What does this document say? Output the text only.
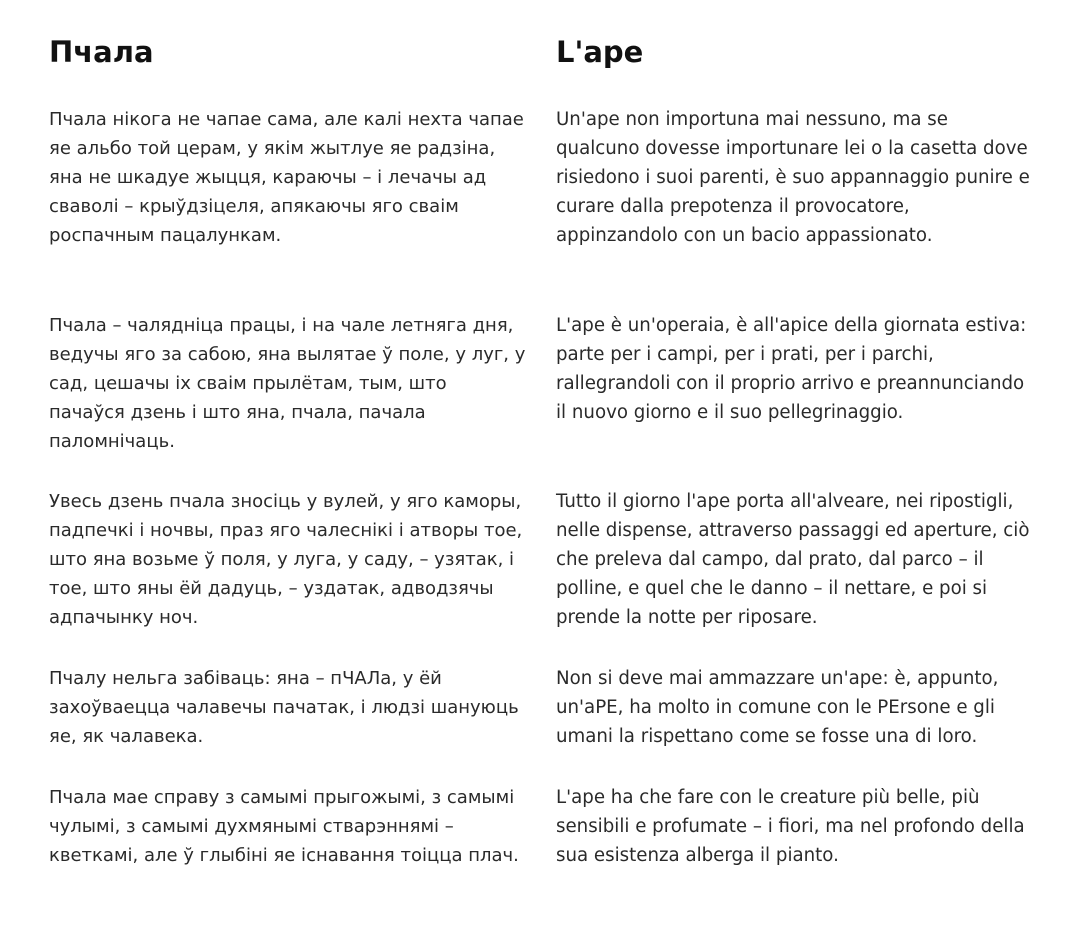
Пчала

Пчала нікога не чапае сама, але калі нехта чапае яе альбо той церам, у якім жытлуе яе радзіна, яна не шкадуе жыцця, караючы – і лечачы ад сваволі – крыўдзіцеля, апякаючы яго сваім роспачным пацалункам.

Пчала – чалядніца працы, і на чале летняга дня, ведучы яго за сабою, яна вылятае ў поле, у луг, у сад, цешачы іх сваім прылётам, тым, што пачаўся дзень і што яна, пчала, пачала паломнічаць.

Увесь дзень пчала зносіць у вулей, у яго каморы, падпечкі і ночвы, праз яго чалеснікі і атворы тое, што яна возьме ў поля, у луга, у саду, – узятак, і тое, што яны ёй дадуць, – уздатак, адводзячы адпачынку ноч.

Пчалу нельга забіваць: яна – пЧАЛа, у ёй захоўваецца чалавечы пачатак, і людзі шануюць яе, як чалавека.

Пчала мае справу з самымі прыгожымі, з самымі чулымі, з самымі духмянымі стварэннямі – кветкамі, але ў глыбіні яе існавання тоіцца плач.

L'ape

Un'ape non importuna mai nessuno, ma se qualcuno dovesse importunare lei o la casetta dove risiedono i suoi parenti, è suo appannaggio punire e curare dalla prepotenza il provocatore, appinzandolo con un bacio appassionato.

L'ape è un'operaia, è all'apice della giornata estiva: parte per i campi, per i prati, per i parchi, rallegrandoli con il proprio arrivo e preannunciando il nuovo giorno e il suo pellegrinaggio.

Tutto il giorno l'ape porta all'alveare, nei ripostigli, nelle dispense, attraverso passaggi ed aperture, ciò che preleva dal campo, dal prato, dal parco – il polline, e quel che le danno – il nettare, e poi si prende la notte per riposare.

Non si deve mai ammazzare un'ape: è, appunto, un'aPE, ha molto in comune con le PErsone e gli umani la rispettano come se fosse una di loro.

L'ape ha che fare con le creature più belle, più sensibili e profumate – i fiori, ma nel profondo della sua esistenza alberga il pianto.
